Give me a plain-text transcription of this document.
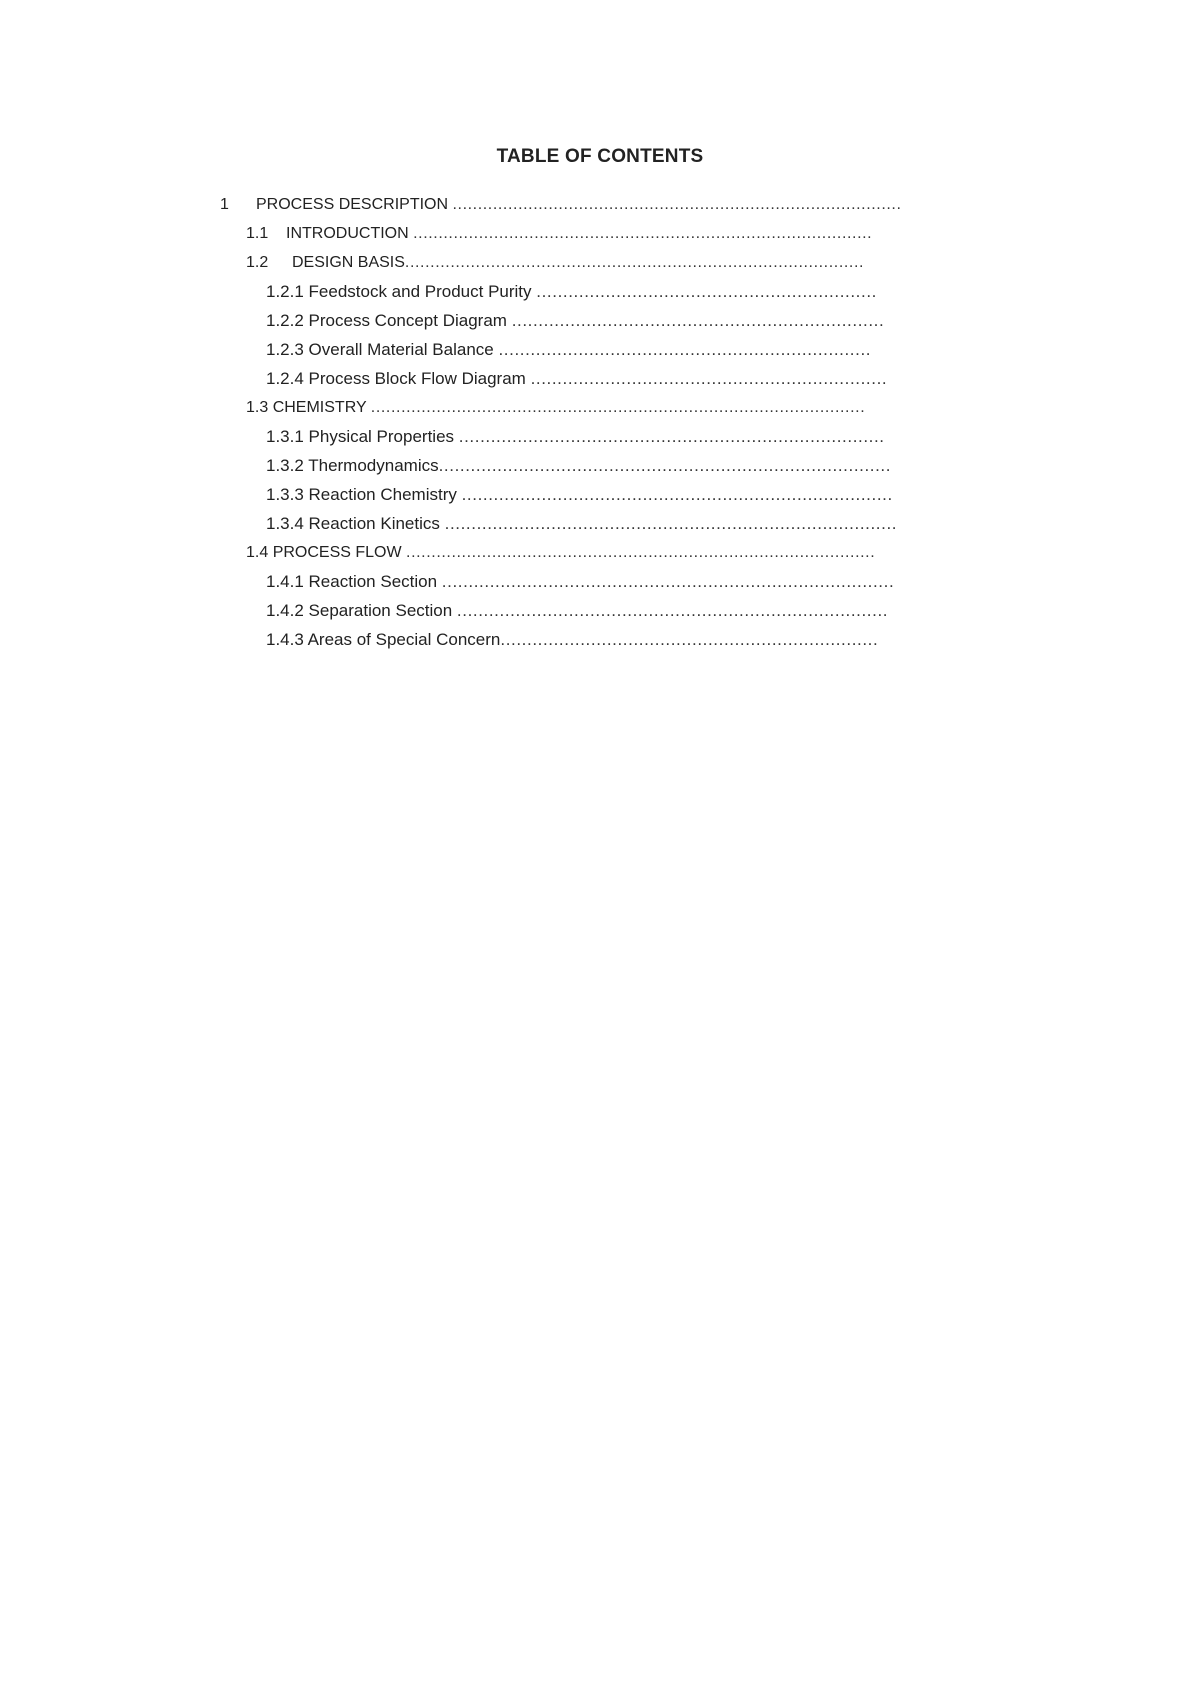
TABLE OF CONTENTS
1 PROCESS DESCRIPTION .........................................................................................
1.1 INTRODUCTION ...........................................................................................
1.2 DESIGN BASIS...........................................................................................
1.2.1 Feedstock and Product Purity ................................................................
1.2.2 Process Concept Diagram ......................................................................
1.2.3 Overall Material Balance ......................................................................
1.2.4 Process Block Flow Diagram ...................................................................
1.3 CHEMISTRY ..................................................................................................
1.3.1 Physical Properties ................................................................................
1.3.2 Thermodynamics.....................................................................................
1.3.3 Reaction Chemistry .................................................................................
1.3.4 Reaction Kinetics .....................................................................................
1.4 PROCESS FLOW .............................................................................................
1.4.1 Reaction Section .....................................................................................
1.4.2 Separation Section .................................................................................
1.4.3 Areas of Special Concern.......................................................................
